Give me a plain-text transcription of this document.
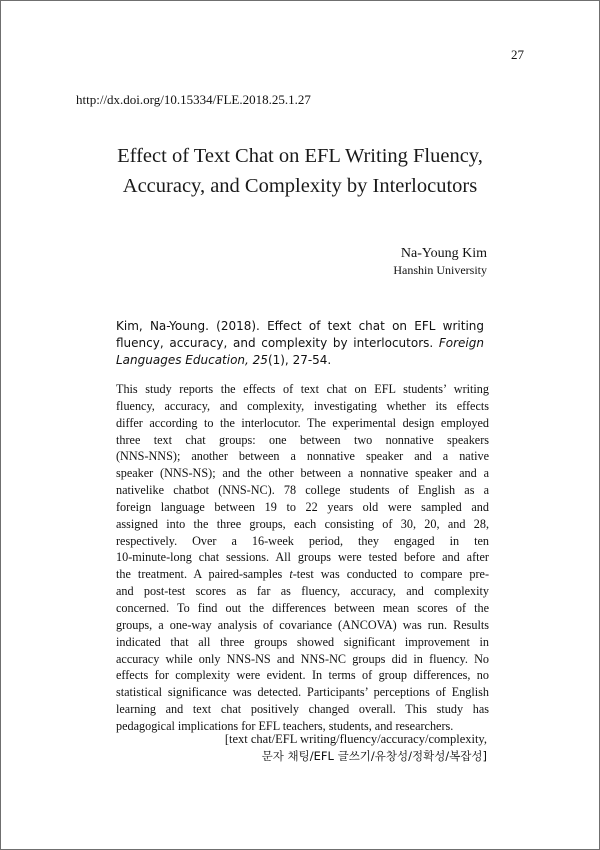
27
http://dx.doi.org/10.15334/FLE.2018.25.1.27
Effect of Text Chat on EFL Writing Fluency,
Accuracy, and Complexity by Interlocutors
Na-Young Kim
Hanshin University
Kim, Na-Young. (2018). Effect of text chat on EFL writing
fluency, accuracy, and complexity by interlocutors. Foreign
Languages Education, 25(1), 27-54.
This study reports the effects of text chat on EFL students’ writing
fluency, accuracy, and complexity, investigating whether its effects
differ according to the interlocutor. The experimental design employed
three text chat groups: one between two nonnative speakers
(NNS-NNS); another between a nonnative speaker and a native
speaker (NNS-NS); and the other between a nonnative speaker and a
nativelike chatbot (NNS-NC). 78 college students of English as a
foreign language between 19 to 22 years old were sampled and
assigned into the three groups, each consisting of 30, 20, and 28,
respectively. Over a 16-week period, they engaged in ten
10-minute-long chat sessions. All groups were tested before and after
the treatment. A paired-samples t-test was conducted to compare pre-
and post-test scores as far as fluency, accuracy, and complexity
concerned. To find out the differences between mean scores of the
groups, a one-way analysis of covariance (ANCOVA) was run. Results
indicated that all three groups showed significant improvement in
accuracy while only NNS-NS and NNS-NC groups did in fluency. No
effects for complexity were evident. In terms of group differences, no
statistical significance was detected. Participants’ perceptions of English
learning and text chat positively changed overall. This study has
pedagogical implications for EFL teachers, students, and researchers.
[text chat/EFL writing/fluency/accuracy/complexity,
문자 채팅/EFL 글쓰기/유창성/정확성/복잡성]
